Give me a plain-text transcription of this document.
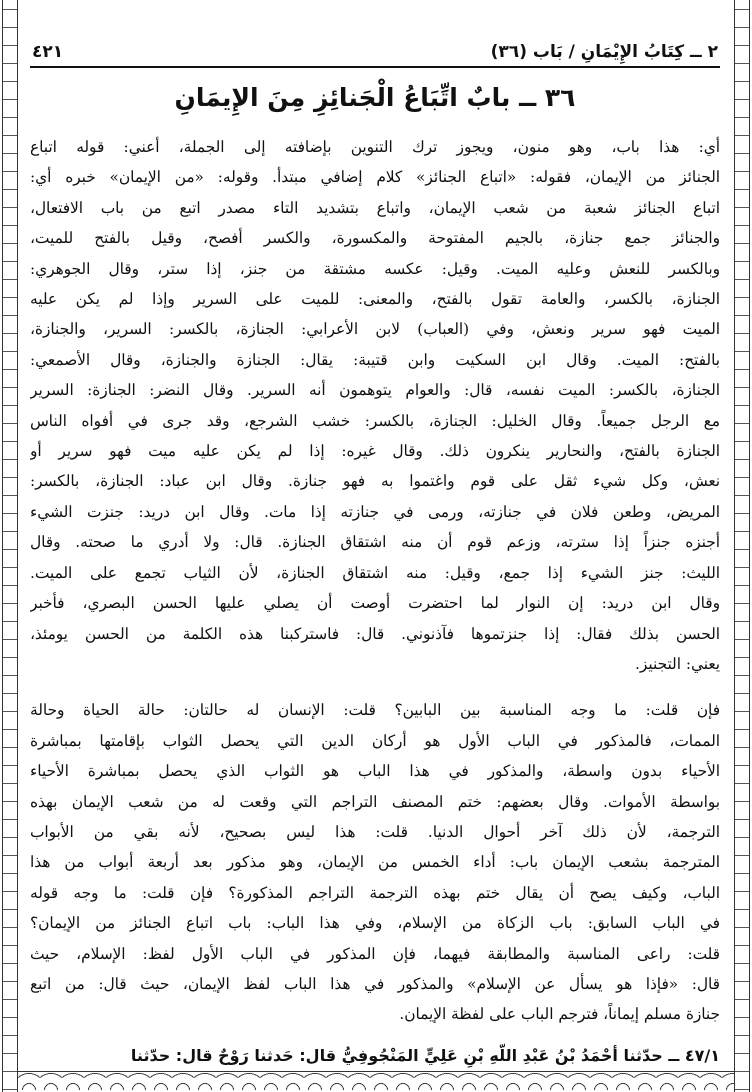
٢ ــ كِتَابُ الإِيْمَانِ / بَاب (٣٦)
٤٢١
٣٦ ــ بابٌ اتِّبَاعُ الْجَنائِزِ مِنَ الإِيمَانِ

أي: هذا باب، وهو منون، ويجوز ترك التنوين بإضافته إلى الجملة، أعني: قوله اتباع
الجنائز من الإيمان، فقوله: «اتباع الجنائز» كلام إضافي مبتدأ. وقوله: «من الإيمان» خبره أي:
اتباع الجنائز شعبة من شعب الإيمان، واتباع بتشديد التاء مصدر اتبع من باب الافتعال،
والجنائز جمع جنازة، بالجيم المفتوحة والمكسورة، والكسر أفصح، وقيل بالفتح للميت،
وبالكسر للنعش وعليه الميت. وقيل: عكسه مشتقة من جنز، إذا ستر، وقال الجوهري:
الجنازة، بالكسر، والعامة تقول بالفتح، والمعنى: للميت على السرير وإذا لم يكن عليه
الميت فهو سرير ونعش، وفي (العباب) لابن الأعرابي: الجنازة، بالكسر: السرير، والجنازة،
بالفتح: الميت. وقال ابن السكيت وابن قتيبة: يقال: الجنازة والجنازة، وقال الأصمعي:
الجنازة، بالكسر: الميت نفسه، قال: والعوام يتوهمون أنه السرير. وقال النضر: الجنازة: السرير
مع الرجل جميعاً. وقال الخليل: الجنازة، بالكسر: خشب الشرجع، وقد جرى في أفواه الناس
الجنازة بالفتح، والنحارير ينكرون ذلك. وقال غيره: إذا لم يكن عليه ميت فهو سرير أو
نعش، وكل شيء ثقل على قوم واغتموا به فهو جنازة. وقال ابن عباد: الجنازة، بالكسر:
المريض، وطعن فلان في جنازته، ورمى في جنازته إذا مات. وقال ابن دريد: جنزت الشيء
أجنزه جنزاً إذا سترته، وزعم قوم أن منه اشتقاق الجنازة. قال: ولا أدري ما صحته. وقال
الليث: جنز الشيء إذا جمع، وقيل: منه اشتقاق الجنازة، لأن الثياب تجمع على الميت.
وقال ابن دريد: إن النوار لما احتضرت أوصت أن يصلي عليها الحسن البصري، فأخبر
الحسن بذلك فقال: إذا جنزتموها فآذنوني. قال: فاستركبنا هذه الكلمة من الحسن يومئذ،
يعني: التجنيز.

فإن قلت: ما وجه المناسبة بين البابين؟ قلت: الإنسان له حالتان: حالة الحياة وحالة
الممات، فالمذكور في الباب الأول هو أركان الدين التي يحصل الثواب بإقامتها بمباشرة
الأحياء بدون واسطة، والمذكور في هذا الباب هو الثواب الذي يحصل بمباشرة الأحياء
بواسطة الأموات. وقال بعضهم: ختم المصنف التراجم التي وقعت له من شعب الإيمان بهذه
الترجمة، لأن ذلك آخر أحوال الدنيا. قلت: هذا ليس بصحيح، لأنه بقي من الأبواب
المترجمة بشعب الإيمان باب: أداء الخمس من الإيمان، وهو مذكور بعد أربعة أبواب من هذا
الباب، وكيف يصح أن يقال ختم بهذه الترجمة التراجم المذكورة؟ فإن قلت: ما وجه قوله
في الباب السابق: باب الزكاة من الإسلام، وفي هذا الباب: باب اتباع الجنائز من الإيمان؟
قلت: راعى المناسبة والمطابقة فيهما، فإن المذكور في الباب الأول لفظ: الإسلام، حيث
قال: «فإذا هو يسأل عن الإسلام» والمذكور في هذا الباب لفظ الإيمان، حيث قال: من اتبع
جنازة مسلم إيماناً، فترجم الباب على لفظة الإيمان.

٤٧/١ ــ حدّثنا أحْمَدُ بْنُ عَبْدِ اللّهِ بْنِ عَلِيٍّ المَنْجُوفِيُّ قال: حَدثنا رَوْحٌ قال: حدّثنا
